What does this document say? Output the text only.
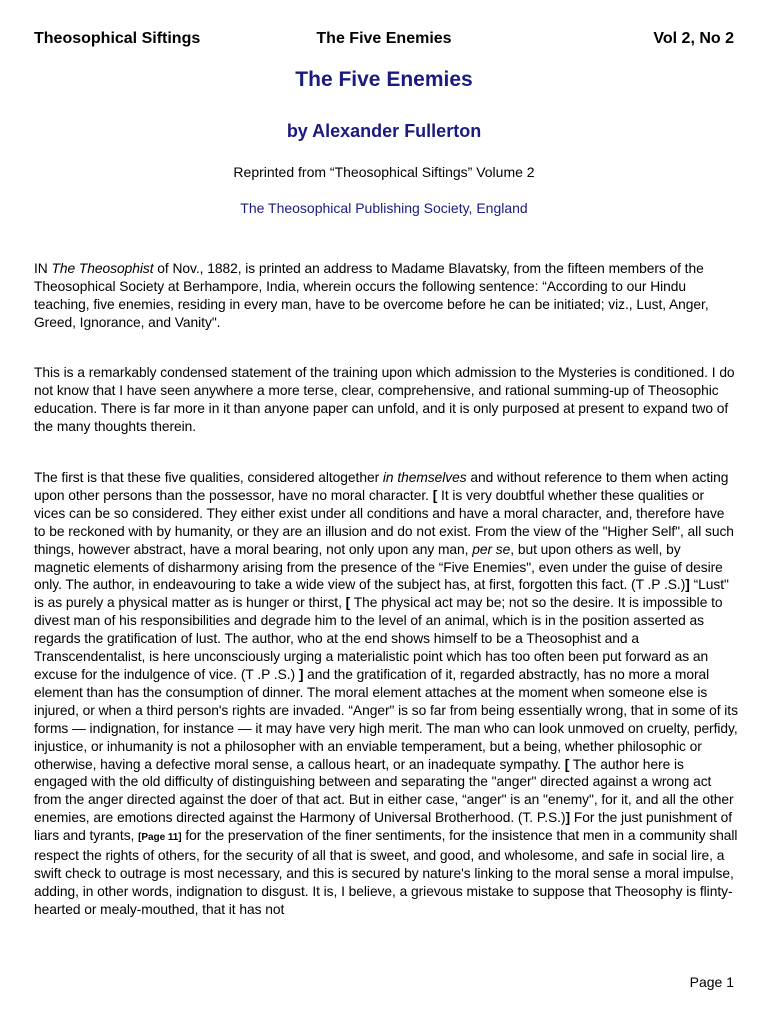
Theosophical Siftings	The Five Enemies	Vol 2, No 2
The Five Enemies
by Alexander Fullerton
Reprinted from “Theosophical Siftings” Volume 2
The Theosophical Publishing Society, England

IN The Theosophist of Nov., 1882, is printed an address to Madame Blavatsky, from the fifteen members of the Theosophical Society at Berhampore, India, wherein occurs the following sentence: “According to our Hindu teaching, five enemies, residing in every man, have to be overcome before he can be initiated; viz., Lust, Anger, Greed, Ignorance, and Vanity".

This is a remarkably condensed statement of the training upon which admission to the Mysteries is conditioned. I do not know that I have seen anywhere a more terse, clear, comprehensive, and rational summing-up of Theosophic education. There is far more in it than anyone paper can unfold, and it is only purposed at present to expand two of the many thoughts therein.

The first is that these five qualities, considered altogether in themselves and without reference to them when acting upon other persons than the possessor, have no moral character. [ It is very doubtful whether these qualities or vices can be so considered. They either exist under all conditions and have a moral character, and, therefore have to be reckoned with by humanity, or they are an illusion and do not exist. From the view of the "Higher Self", all such things, however abstract, have a moral bearing, not only upon any man, per se, but upon others as well, by magnetic elements of disharmony arising from the presence of the “Five Enemies", even under the guise of desire only. The author, in endeavouring to take a wide view of the subject has, at first, forgotten this fact. (T .P .S.)] “Lust" is as purely a physical matter as is hunger or thirst, [ The physical act may be; not so the desire. It is impossible to divest man of his responsibilities and degrade him to the level of an animal, which is in the position asserted as regards the gratification of lust. The author, who at the end shows himself to be a Theosophist and a Transcendentalist, is here unconsciously urging a materialistic point which has too often been put forward as an excuse for the indulgence of vice. (T .P .S.) ] and the gratification of it, regarded abstractly, has no more a moral element than has the consumption of dinner. The moral element attaches at the moment when someone else is injured, or when a third person's rights are invaded. “Anger" is so far from being essentially wrong, that in some of its forms — indignation, for instance — it may have very high merit. The man who can look unmoved on cruelty, perfidy, injustice, or inhumanity is not a philosopher with an enviable temperament, but a being, whether philosophic or otherwise, having a defective moral sense, a callous heart, or an inadequate sympathy. [ The author here is engaged with the old difficulty of distinguishing between and separating the "anger" directed against a wrong act from the anger directed against the doer of that act. But in either case, “anger" is an "enemy", for it, and all the other enemies, are emotions directed against the Harmony of Universal Brotherhood. (T. P.S.)] For the just punishment of liars and tyrants, [Page 11] for the preservation of the finer sentiments, for the insistence that men in a community shall respect the rights of others, for the security of all that is sweet, and good, and wholesome, and safe in social lire, a swift check to outrage is most necessary, and this is secured by nature's linking to the moral sense a moral impulse, adding, in other words, indignation to disgust. It is, I believe, a grievous mistake to suppose that Theosophy is flinty-hearted or mealy-mouthed, that it has not

Page 1
